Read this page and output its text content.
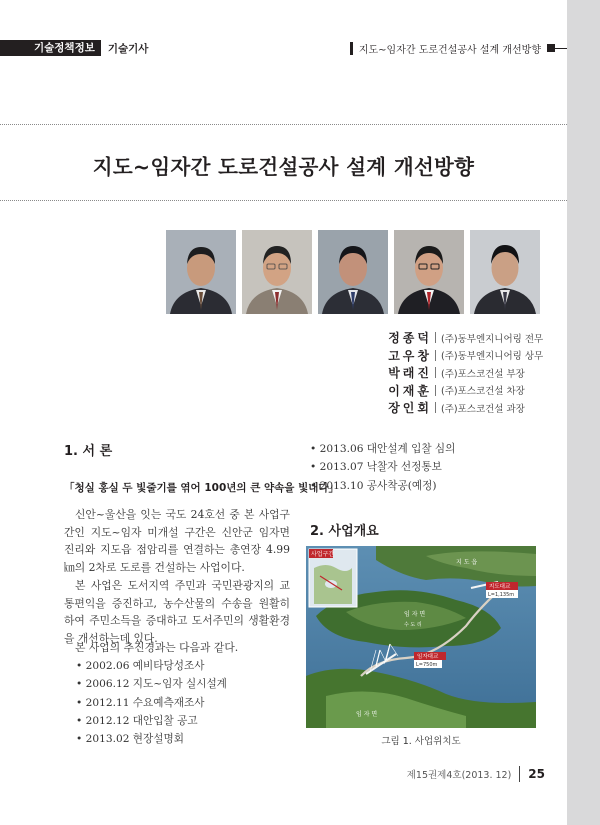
기술정책정보	기술기사	지도~임자간 도로건설공사 설계 개선방향
지도~임자간 도로건설공사 설계 개선방향
정종덕 (주)동부엔지니어링 전무
고우창 (주)동부엔지니어링 상무
박래진 (주)포스코건설 부장
이재훈 (주)포스코건설 차장
장인회 (주)포스코건설 과장
1. 서 론
「청실 홍실 두 빛줄기를 엮어 100년의 큰 약속을 빛내다」

신안~울산을 잇는 국도 24호선 중 본 사업구간인 지도~임자 미개설 구간은 신안군 임자면 진리와 지도읍 점암리를 연결하는 총연장 4.99㎞의 2차로 도로를 건설하는 사업이다.

본 사업은 도서지역 주민과 국민관광지의 교통편익을 증진하고, 농수산물의 수송을 원활히 하여 주민소득을 증대하고 도서주민의 생활환경을 개선하는데 있다.

본 사업의 추진경과는 다음과 같다.

• 2002.06 예비타당성조사
• 2006.12 지도~임자 실시설계
• 2012.11 수요예측재조사
• 2012.12 대안입찰 공고
• 2013.02 현장설명회
• 2013.06 대안설계 입찰 심의
• 2013.07 낙찰자 선정통보
• 2013.10 공사착공(예정)
2. 사업개요
사업구간
지 도 읍
임 자 면
수 도 리
임 자 면
지도대교
L=1,135m
임자대교
L=750m
그림 1. 사업위치도
제15권제4호(2013. 12) 25
